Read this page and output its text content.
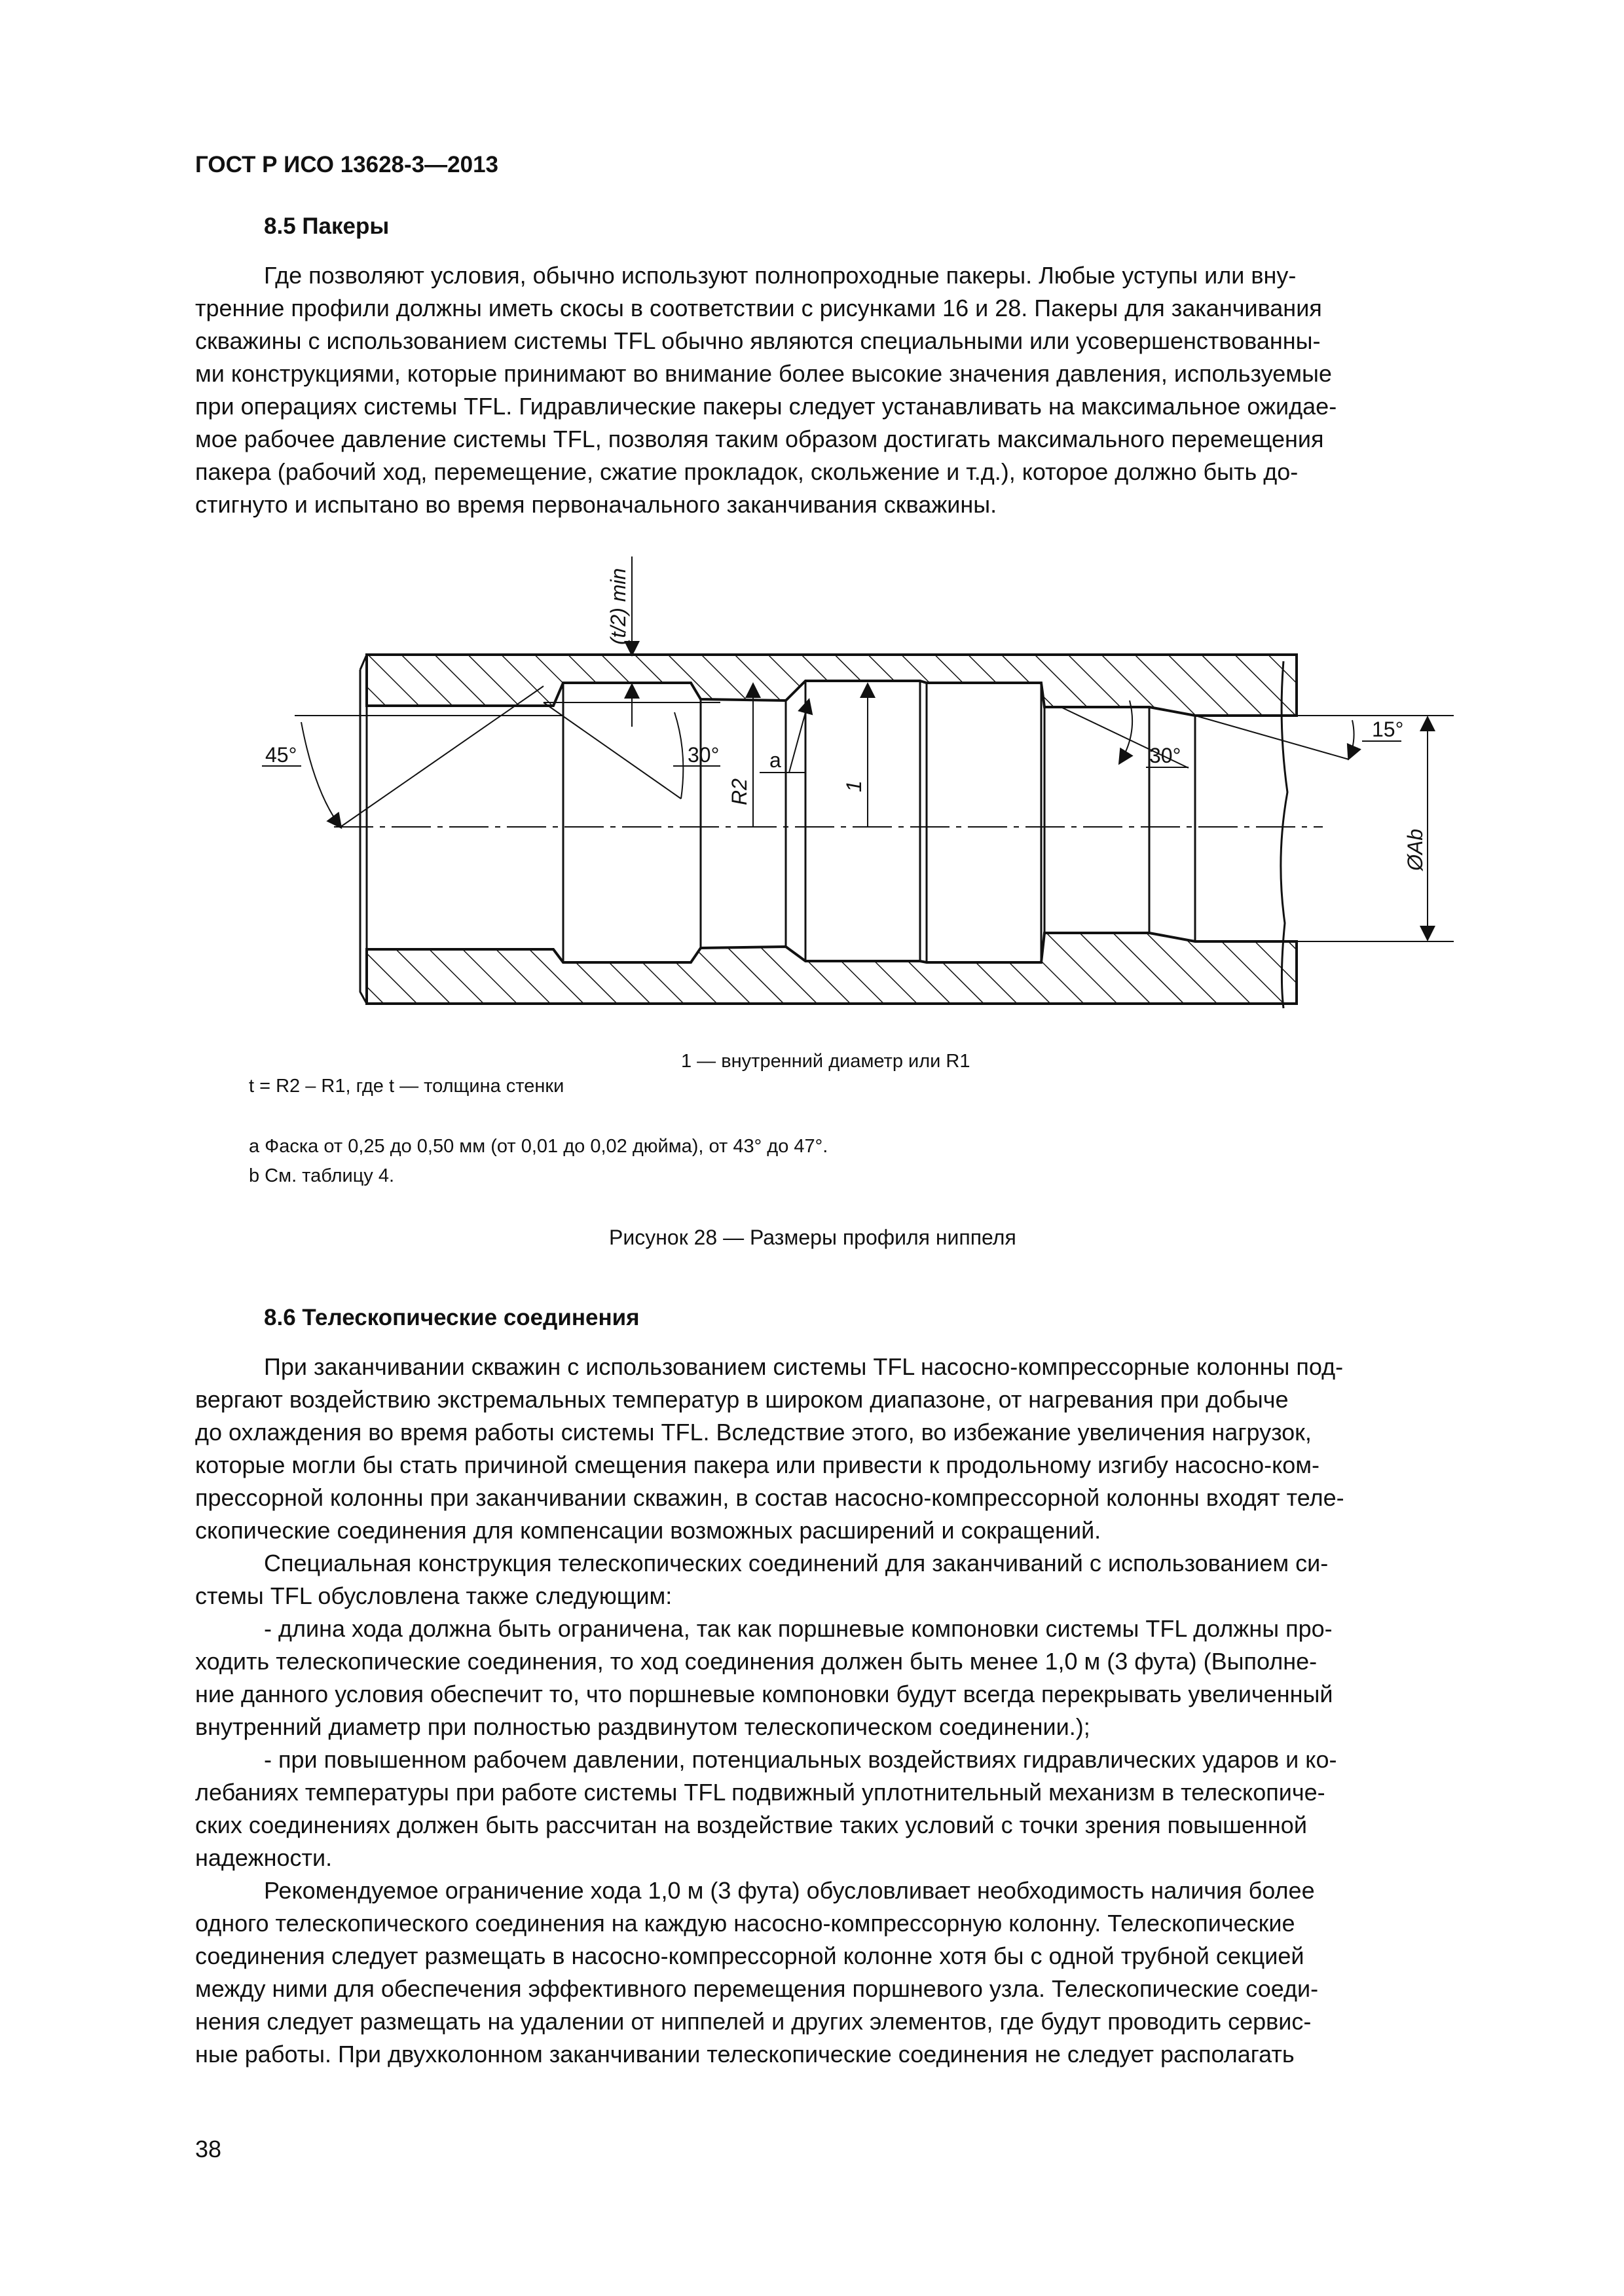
ГОСТ Р ИСО 13628-3—2013
8.5 Пакеры
Где позволяют условия, обычно используют полнопроходные пакеры. Любые уступы или вну-
тренние профили должны иметь скосы в соответствии с рисунками 16 и 28. Пакеры для заканчивания
скважины с использованием системы TFL обычно являются специальными или усовершенствованны-
ми конструкциями, которые принимают во внимание более высокие значения давления, используемые
при операциях системы TFL. Гидравлические пакеры следует устанавливать на максимальное ожидае-
мое рабочее давление системы TFL, позволяя таким образом достигать максимального перемещения
пакера (рабочий ход, перемещение, сжатие прокладок, скольжение и т.д.), которое должно быть до-
стигнуто и испытано во время первоначального заканчивания скважины.
(t/2) min
45°	30°
R2
a
1
30°
15°
ØAb
1 — внутренний диаметр или R1
t = R2 – R1, где t — толщина стенки
a Фаска от 0,25 до 0,50 мм (от 0,01 до 0,02 дюйма), от 43° до 47°.
b См. таблицу 4.
Рисунок 28 — Размеры профиля ниппеля
8.6 Телескопические соединения
При заканчивании скважин с использованием системы TFL насосно-компрессорные колонны под-
вергают воздействию экстремальных температур в широком диапазоне, от нагревания при добыче
до охлаждения во время работы системы TFL. Вследствие этого, во избежание увеличения нагрузок,
которые могли бы стать причиной смещения пакера или привести к продольному изгибу насосно-ком-
прессорной колонны при заканчивании скважин, в состав насосно-компрессорной колонны входят теле-
скопические соединения для компенсации возможных расширений и сокращений.
Специальная конструкция телескопических соединений для заканчиваний с использованием си-
стемы TFL обусловлена также следующим:
- длина хода должна быть ограничена, так как поршневые компоновки системы TFL должны про-
ходить телескопические соединения, то ход соединения должен быть менее 1,0 м (3 фута) (Выполне-
ние данного условия обеспечит то, что поршневые компоновки будут всегда перекрывать увеличенный
внутренний диаметр при полностью раздвинутом телескопическом соединении.);
- при повышенном рабочем давлении, потенциальных воздействиях гидравлических ударов и ко-
лебаниях температуры при работе системы TFL подвижный уплотнительный механизм в телескопиче-
ских соединениях должен быть рассчитан на воздействие таких условий с точки зрения повышенной
надежности.
Рекомендуемое ограничение хода 1,0 м (3 фута) обусловливает необходимость наличия более
одного телескопического соединения на каждую насосно-компрессорную колонну. Телескопические
соединения следует размещать в насосно-компрессорной колонне хотя бы с одной трубной секцией
между ними для обеспечения эффективного перемещения поршневого узла. Телескопические соеди-
нения следует размещать на удалении от ниппелей и других элементов, где будут проводить сервис-
ные работы. При двухколонном заканчивании телескопические соединения не следует располагать
38
